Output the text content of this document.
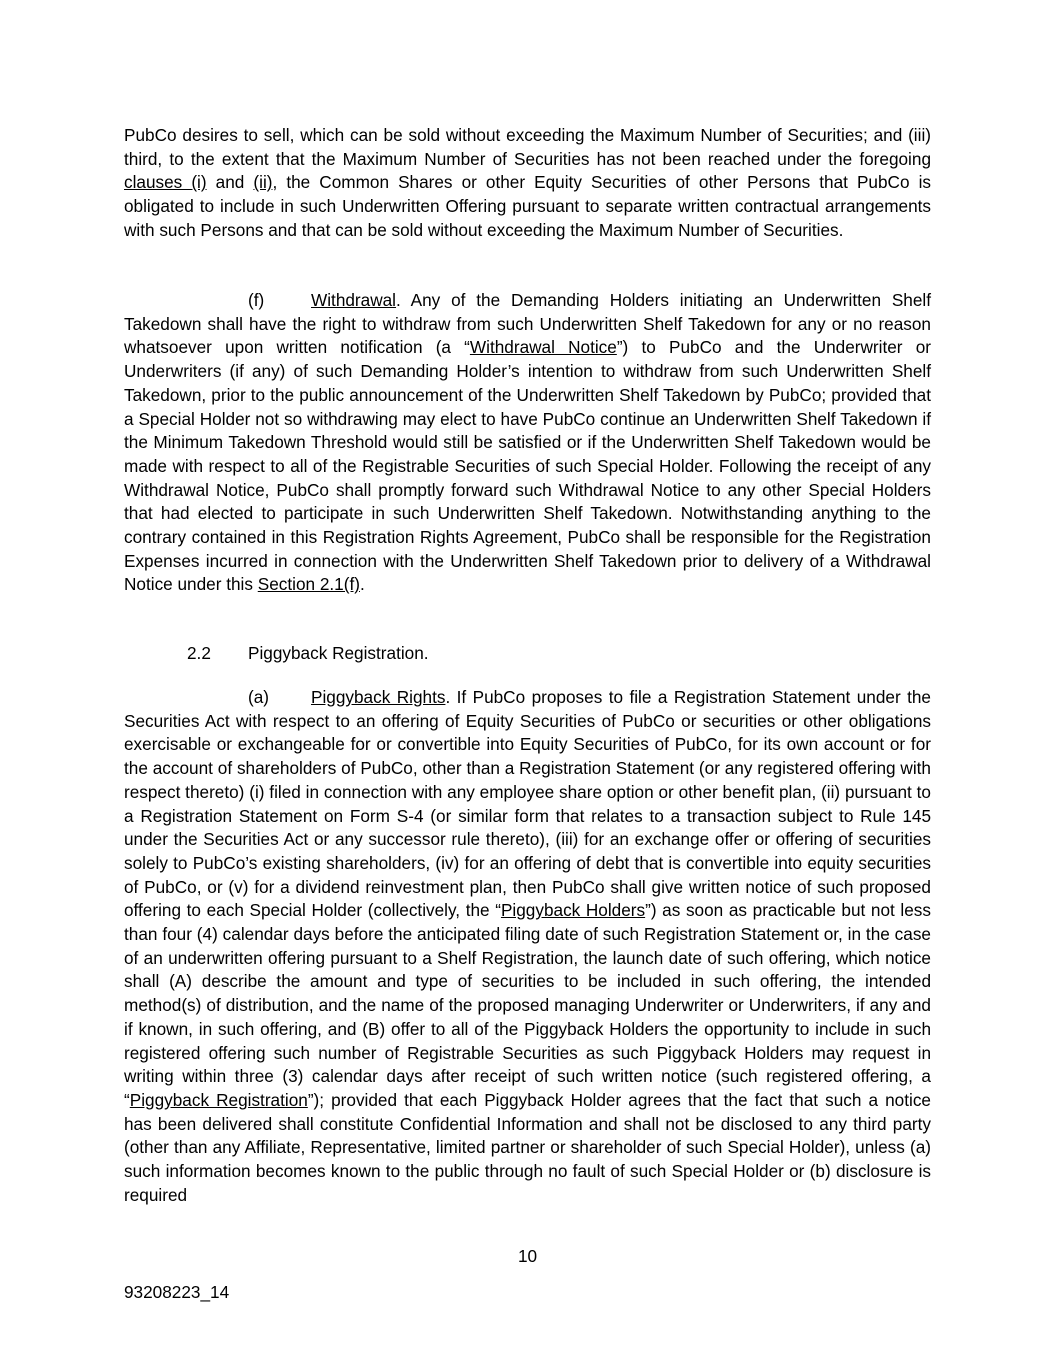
PubCo desires to sell, which can be sold without exceeding the Maximum Number of Securities; and (iii) third, to the extent that the Maximum Number of Securities has not been reached under the foregoing clauses (i) and (ii), the Common Shares or other Equity Securities of other Persons that PubCo is obligated to include in such Underwritten Offering pursuant to separate written contractual arrangements with such Persons and that can be sold without exceeding the Maximum Number of Securities.

(f)	Withdrawal. Any of the Demanding Holders initiating an Underwritten Shelf Takedown shall have the right to withdraw from such Underwritten Shelf Takedown for any or no reason whatsoever upon written notification (a “Withdrawal Notice”) to PubCo and the Underwriter or Underwriters (if any) of such Demanding Holder’s intention to withdraw from such Underwritten Shelf Takedown, prior to the public announcement of the Underwritten Shelf Takedown by PubCo; provided that a Special Holder not so withdrawing may elect to have PubCo continue an Underwritten Shelf Takedown if the Minimum Takedown Threshold would still be satisfied or if the Underwritten Shelf Takedown would be made with respect to all of the Registrable Securities of such Special Holder. Following the receipt of any Withdrawal Notice, PubCo shall promptly forward such Withdrawal Notice to any other Special Holders that had elected to participate in such Underwritten Shelf Takedown. Notwithstanding anything to the contrary contained in this Registration Rights Agreement, PubCo shall be responsible for the Registration Expenses incurred in connection with the Underwritten Shelf Takedown prior to delivery of a Withdrawal Notice under this Section 2.1(f).

2.2 Piggyback Registration.

(a) Piggyback Rights. If PubCo proposes to file a Registration Statement under the Securities Act with respect to an offering of Equity Securities of PubCo or securities or other obligations exercisable or exchangeable for or convertible into Equity Securities of PubCo, for its own account or for the account of shareholders of PubCo, other than a Registration Statement (or any registered offering with respect thereto) (i) filed in connection with any employee share option or other benefit plan, (ii) pursuant to a Registration Statement on Form S-4 (or similar form that relates to a transaction subject to Rule 145 under the Securities Act or any successor rule thereto), (iii) for an exchange offer or offering of securities solely to PubCo’s existing shareholders, (iv) for an offering of debt that is convertible into equity securities of PubCo, or (v) for a dividend reinvestment plan, then PubCo shall give written notice of such proposed offering to each Special Holder (collectively, the “Piggyback Holders”) as soon as practicable but not less than four (4) calendar days before the anticipated filing date of such Registration Statement or, in the case of an underwritten offering pursuant to a Shelf Registration, the launch date of such offering, which notice shall (A) describe the amount and type of securities to be included in such offering, the intended method(s) of distribution, and the name of the proposed managing Underwriter or Underwriters, if any and if known, in such offering, and (B) offer to all of the Piggyback Holders the opportunity to include in such registered offering such number of Registrable Securities as such Piggyback Holders may request in writing within three (3) calendar days after receipt of such written notice (such registered offering, a “Piggyback Registration”); provided that each Piggyback Holder agrees that the fact that such a notice has been delivered shall constitute Confidential Information and shall not be disclosed to any third party (other than any Affiliate, Representative, limited partner or shareholder of such Special Holder), unless (a) such information becomes known to the public through no fault of such Special Holder or (b) disclosure is required

10

93208223_14
